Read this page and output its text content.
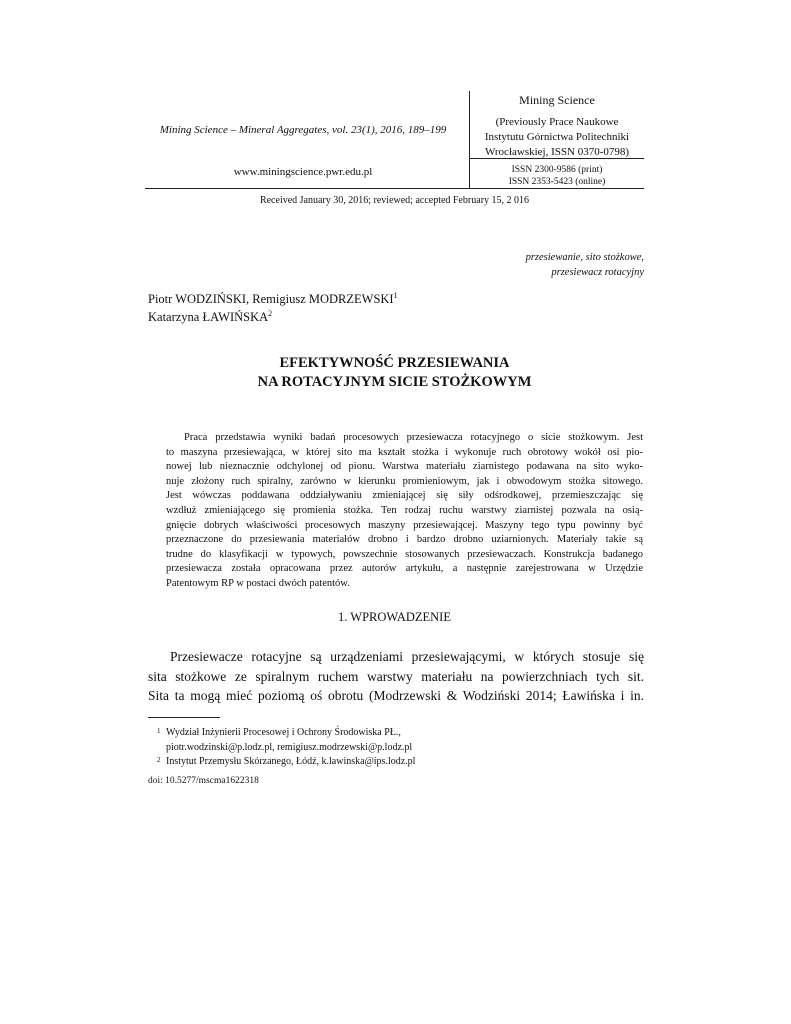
Mining Science – Mineral Aggregates, vol. 23(1), 2016, 189–199
www.miningscience.pwr.edu.pl
Mining Science
(Previously Prace Naukowe
Instytutu Górnictwa Politechniki
Wrocławskiej, ISSN 0370-0798)
ISSN 2300-9586 (print)
ISSN 2353-5423 (online)
Received January 30, 2016; reviewed; accepted February 15, 2 016
przesiewanie, sito stożkowe,
przesiewacz rotacyjny
Piotr WODZIŃSKI, Remigiusz MODRZEWSKI$^1$
Katarzyna ŁAWIŃSKA$^2$
EFEKTYWNOŚĆ PRZESIEWANIA
NA ROTACYJNYM SICIE STOŻKOWYM
Praca przedstawia wyniki badań procesowych przesiewacza rotacyjnego o sicie stożkowym. Jest
to maszyna przesiewająca, w której sito ma kształt stożka i wykonuje ruch obrotowy wokół osi pio-
nowej lub nieznacznie odchylonej od pionu. Warstwa materiału ziarnistego podawana na sito wyko-
nuje złożony ruch spiralny, zarówno w kierunku promieniowym, jak i obwodowym stożka sitowego.
Jest wówczas poddawana oddziaływaniu zmieniającej się siły odśrodkowej, przemieszczając się
wzdłuż zmieniającego się promienia stożka. Ten rodzaj ruchu warstwy ziarnistej pozwala na osią-
gnięcie dobrych właściwości procesowych maszyny przesiewającej. Maszyny tego typu powinny być
przeznaczone do przesiewania materiałów drobno i bardzo drobno uziarnionych. Materiały takie są
trudne do klasyfikacji w typowych, powszechnie stosowanych przesiewaczach. Konstrukcja badanego
przesiewacza została opracowana przez autorów artykułu, a następnie zarejestrowana w Urzędzie
Patentowym RP w postaci dwóch patentów.
1. WPROWADZENIE
Przesiewacze rotacyjne są urządzeniami przesiewającymi, w których stosuje się
sita stożkowe ze spiralnym ruchem warstwy materiału na powierzchniach tych sit.
Sita ta mogą mieć poziomą oś obrotu (Modrzewski & Wodziński 2014; Ławińska i in.
1 Wydział Inżynierii Procesowej i Ochrony Środowiska PŁ.,
piotr.wodzinski@p.lodz.pl, remigiusz.modrzewski@p.lodz.pl
2 Instytut Przemysłu Skórzanego, Łódź, k.lawinska@ips.lodz.pl
doi: 10.5277/mscma1622318
